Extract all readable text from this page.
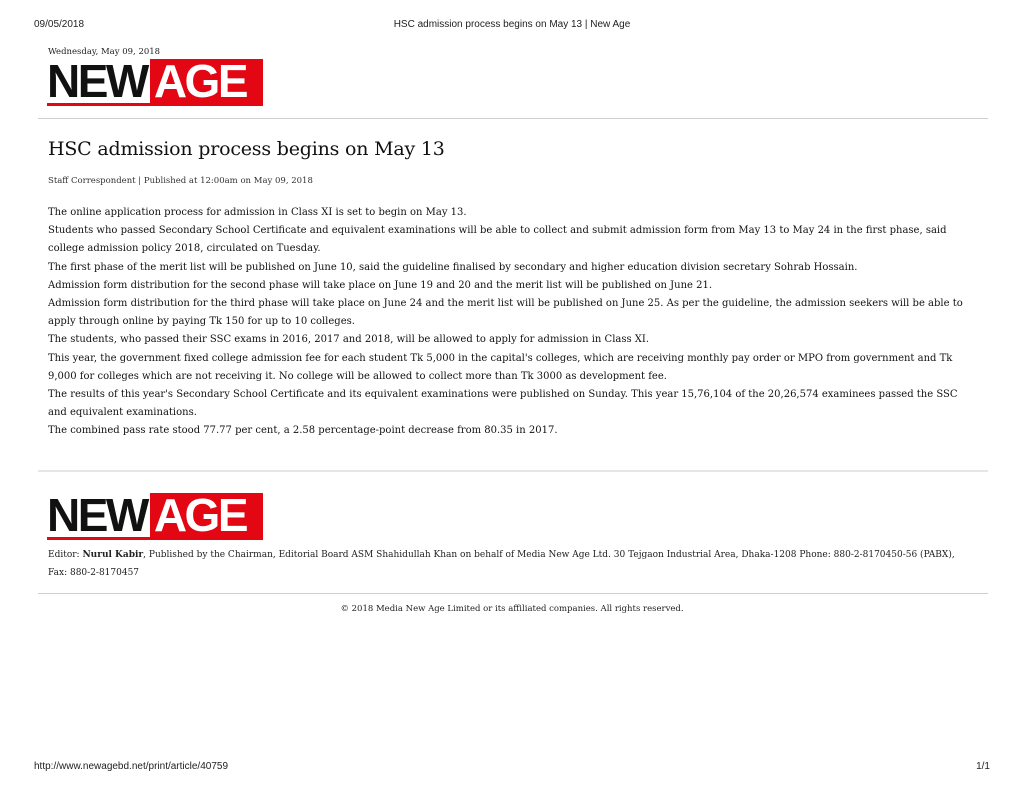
09/05/2018	HSC admission process begins on May 13 | New Age
Wednesday, May 09, 2018
NEW AGE
HSC admission process begins on May 13
Staff Correspondent | Published at 12:00am on May 09, 2018

The online application process for admission in Class XI is set to begin on May 13.

Students who passed Secondary School Certificate and equivalent examinations will be able to collect and submit admission form from May 13 to May 24 in the first phase, said college admission policy 2018, circulated on Tuesday.

The first phase of the merit list will be published on June 10, said the guideline finalised by secondary and higher education division secretary Sohrab Hossain.

Admission form distribution for the second phase will take place on June 19 and 20 and the merit list will be published on June 21.

Admission form distribution for the third phase will take place on June 24 and the merit list will be published on June 25. As per the guideline, the admission seekers will be able to apply through online by paying Tk 150 for up to 10 colleges.

The students, who passed their SSC exams in 2016, 2017 and 2018, will be allowed to apply for admission in Class XI.

This year, the government fixed college admission fee for each student Tk 5,000 in the capital's colleges, which are receiving monthly pay order or MPO from government and Tk 9,000 for colleges which are not receiving it. No college will be allowed to collect more than Tk 3000 as development fee.

The results of this year's Secondary School Certificate and its equivalent examinations were published on Sunday. This year 15,76,104 of the 20,26,574 examinees passed the SSC and equivalent examinations.

The combined pass rate stood 77.77 per cent, a 2.58 percentage-point decrease from 80.35 in 2017.

NEW AGE
Editor: Nurul Kabir, Published by the Chairman, Editorial Board ASM Shahidullah Khan on behalf of Media New Age Ltd. 30 Tejgaon Industrial Area, Dhaka-1208 Phone: 880-2-8170450-56 (PABX), Fax: 880-2-8170457
© 2018 Media New Age Limited or its affiliated companies. All rights reserved.
http://www.newagebd.net/print/article/40759	1/1
